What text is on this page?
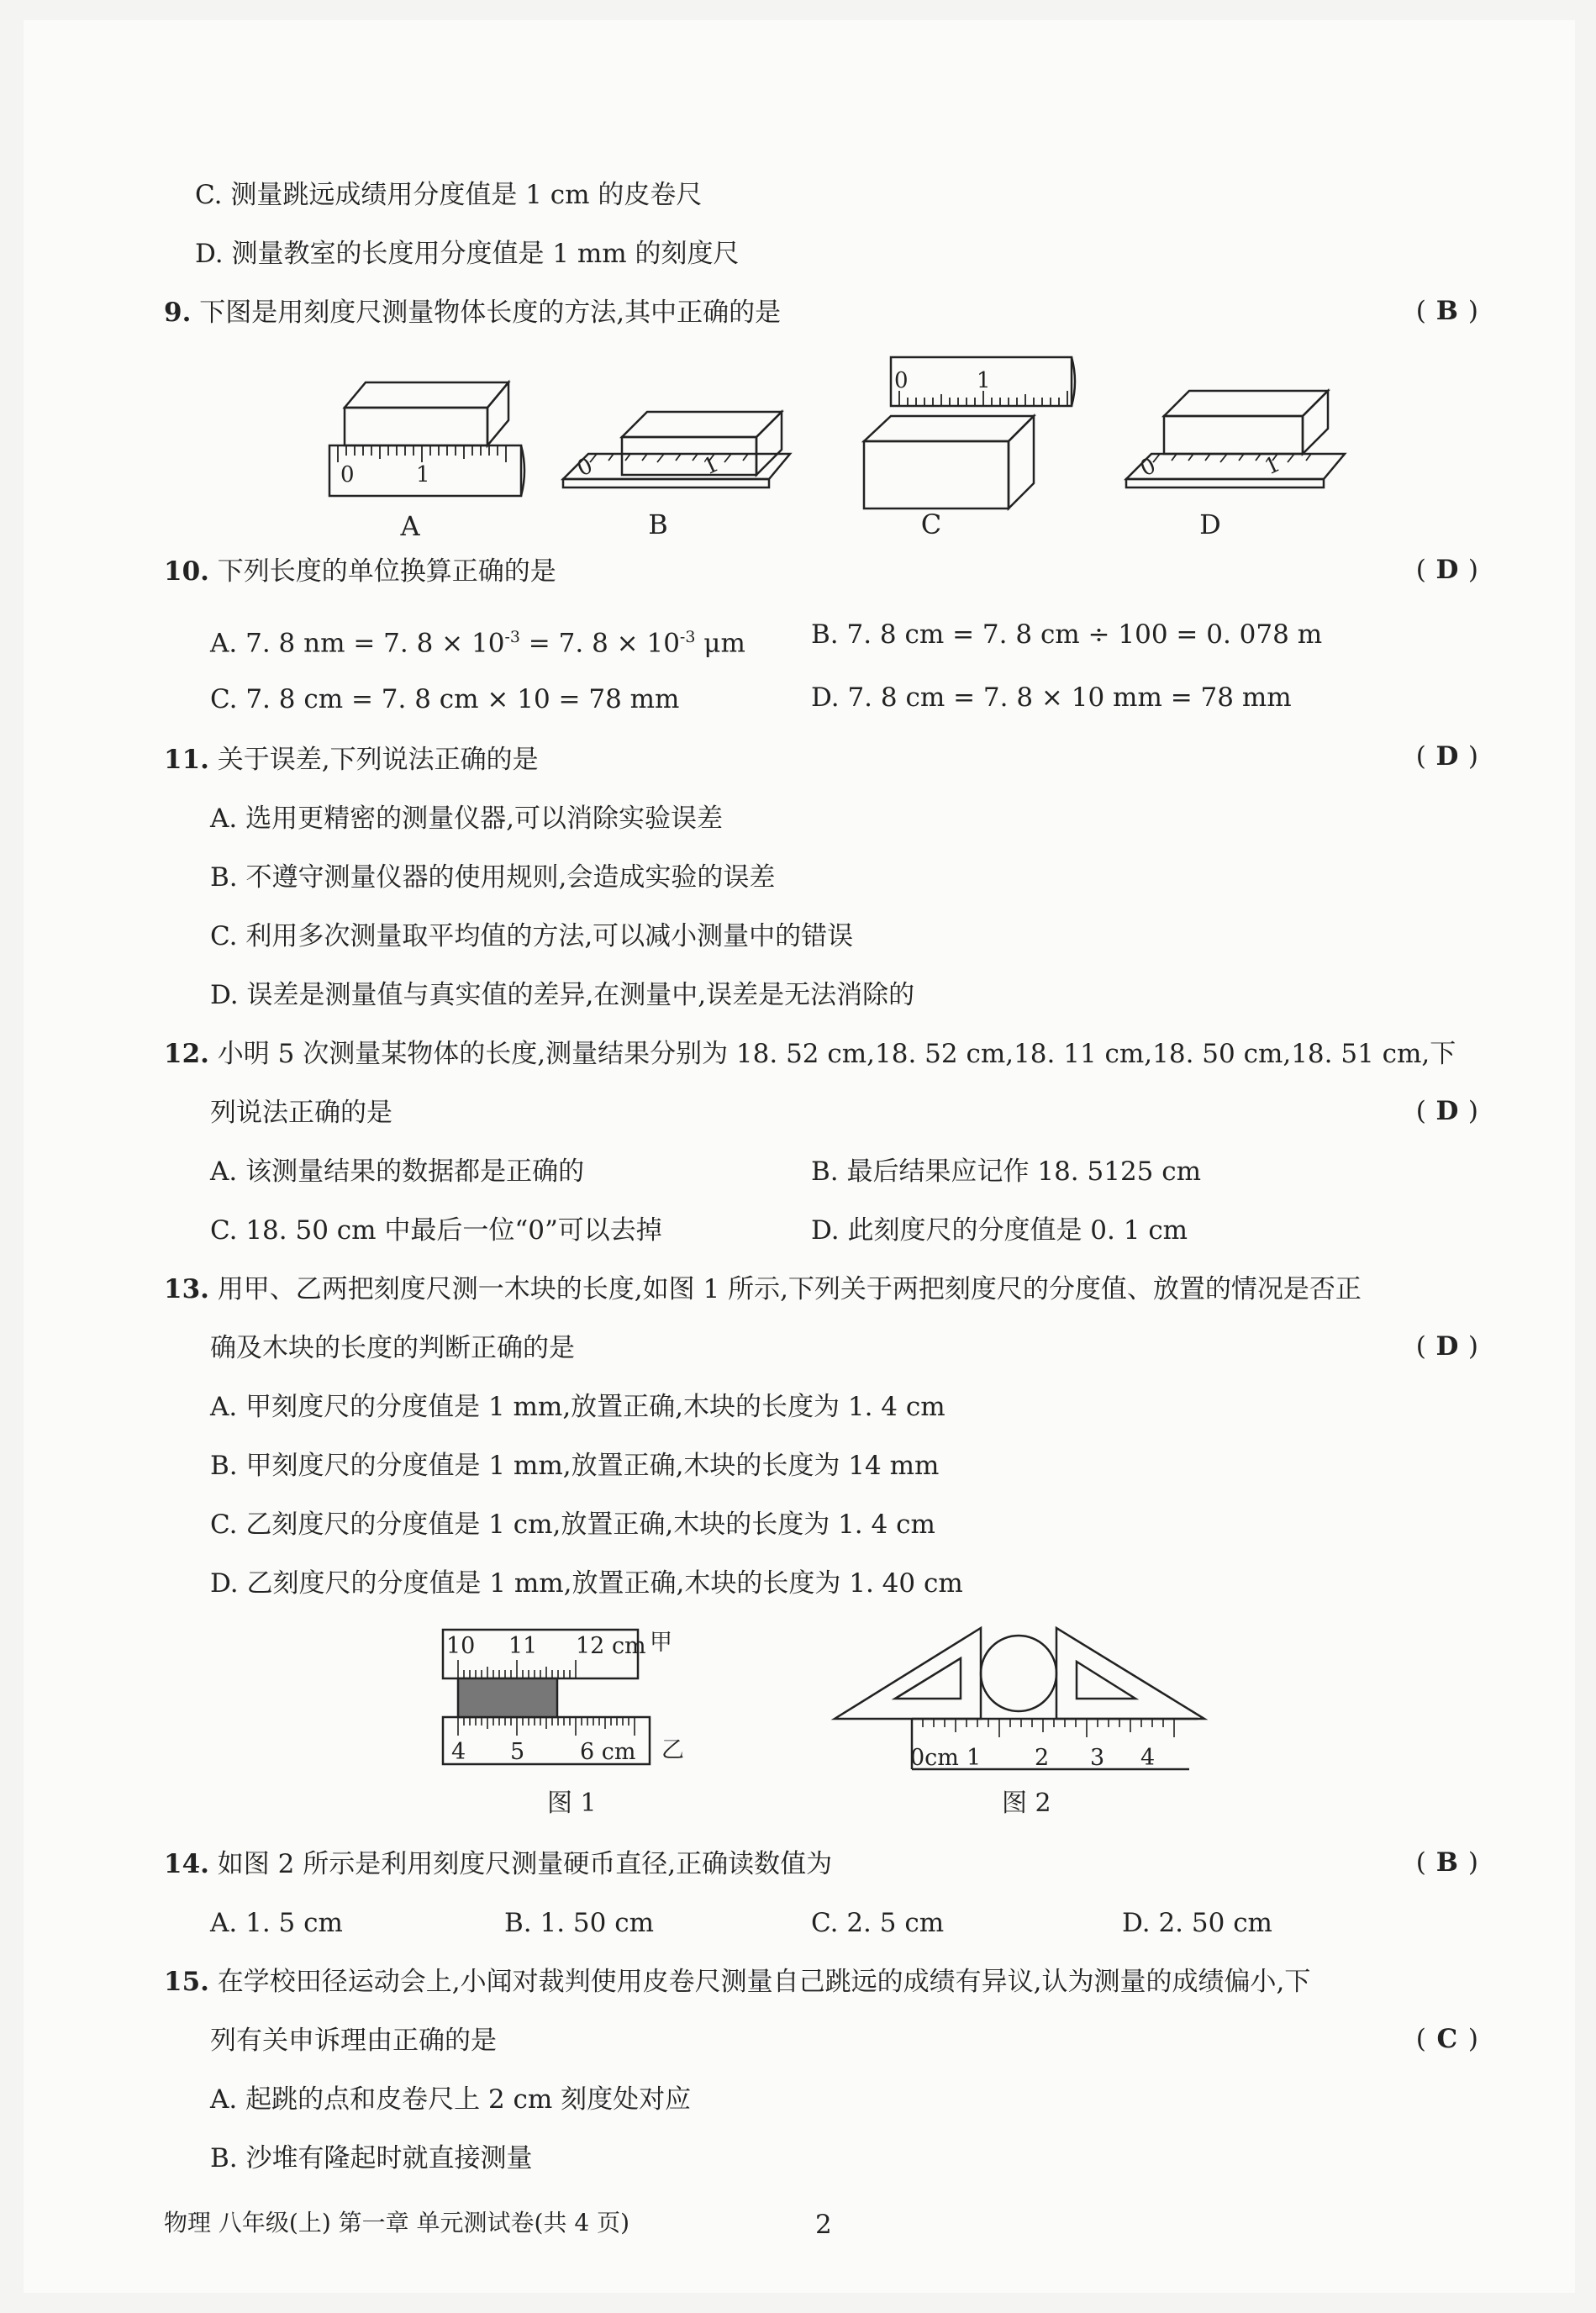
C. 测量跳远成绩用分度值是 1 cm 的皮卷尺
D. 测量教室的长度用分度值是 1 mm 的刻度尺
9. 下图是用刻度尺测量物体长度的方法,其中正确的是	( B )
0	1	0	1
0	1
0	1
A	B	C	D
10. 下列长度的单位换算正确的是	( D )
A. 7. 8 nm = 7. $8 \times 10^{-3} = 7$. $8 \times 10^{-3}$ μm	B. 7. 8 cm = 7. 8 cm ÷ 100 = 0. 078 m
C. 7. 8 cm = 7. 8 cm × 10 = 78 mm	D. 7. 8 cm = 7. 8 × 10 mm = 78 mm
11. 关于误差,下列说法正确的是	( D )
A. 选用更精密的测量仪器,可以消除实验误差
B. 不遵守测量仪器的使用规则,会造成实验的误差
C. 利用多次测量取平均值的方法,可以减小测量中的错误
D. 误差是测量值与真实值的差异,在测量中,误差是无法消除的
12. 小明 5 次测量某物体的长度,测量结果分别为 18. 52 cm,18. 52 cm,18. 11 cm,18. 50 cm,18. 51 cm,下
列说法正确的是	( D )
A. 该测量结果的数据都是正确的	B. 最后结果应记作 18. 5125 cm
C. 18. 50 cm 中最后一位“0”可以去掉	D. 此刻度尺的分度值是 0. 1 cm
13. 用甲、乙两把刻度尺测一木块的长度,如图 1 所示,下列关于两把刻度尺的分度值、放置的情况是否正
确及木块的长度的判断正确的是	( D )
A. 甲刻度尺的分度值是 1 mm,放置正确,木块的长度为 1. 4 cm
B. 甲刻度尺的分度值是 1 mm,放置正确,木块的长度为 14 mm
C. 乙刻度尺的分度值是 1 cm,放置正确,木块的长度为 1. 4 cm
D. 乙刻度尺的分度值是 1 mm,放置正确,木块的长度为 1. 40 cm
10 11 12 cm 甲
4 5 6 cm 乙
图 1
0cm 1 2 3 4
图 2
14. 如图 2 所示是利用刻度尺测量硬币直径,正确读数值为	( B )
A. 1. 5 cm	B. 1. 50 cm	C. 2. 5 cm	D. 2. 50 cm
15. 在学校田径运动会上,小闻对裁判使用皮卷尺测量自己跳远的成绩有异议,认为测量的成绩偏小,下
列有关申诉理由正确的是	( C )
A. 起跳的点和皮卷尺上 2 cm 刻度处对应
B. 沙堆有隆起时就直接测量
物理 八年级(上) 第一章 单元测试卷(共 4 页)	2
